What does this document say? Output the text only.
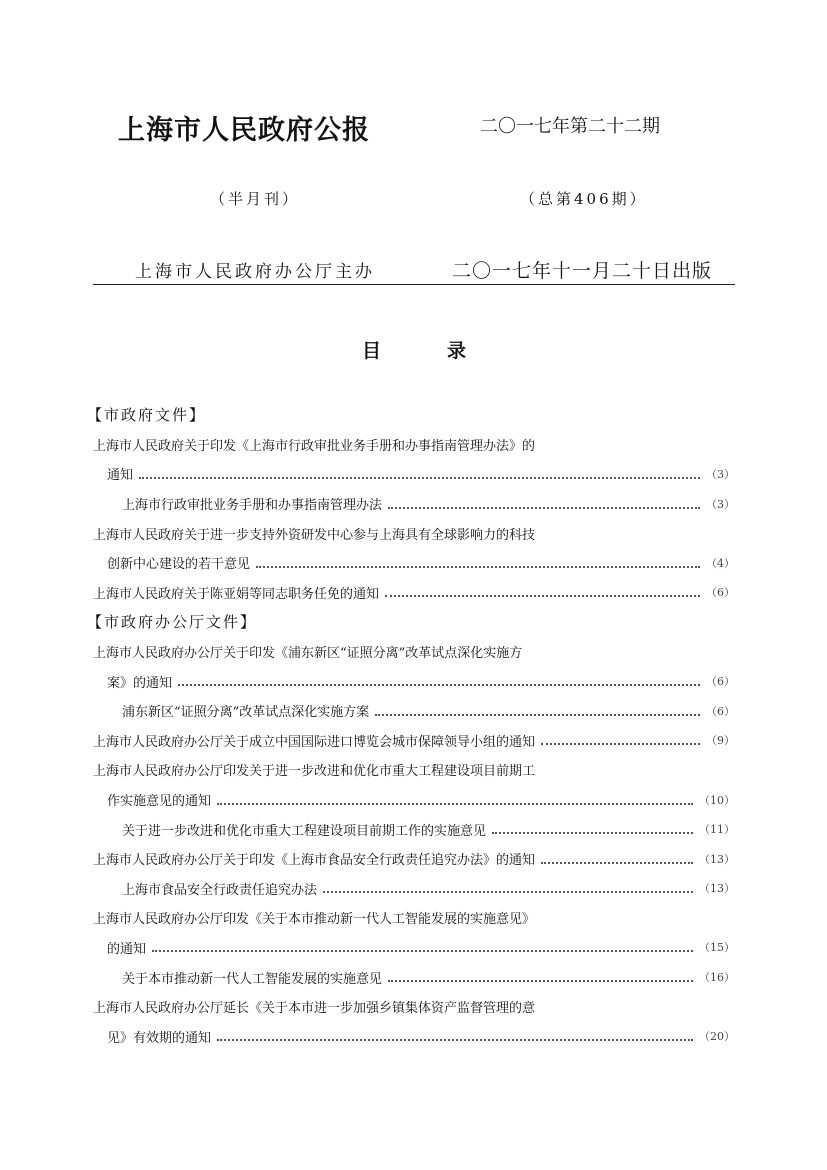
上海市人民政府公报	二〇一七年第二十二期
（半月刊）	（总第406期）
上海市人民政府办公厅主办	二〇一七年十一月二十日出版
目	录
【市政府文件】
上海市人民政府关于印发《上海市行政审批业务手册和办事指南管理办法》的
通知	（3）
上海市行政审批业务手册和办事指南管理办法	（3）
上海市人民政府关于进一步支持外资研发中心参与上海具有全球影响力的科技
创新中心建设的若干意见	（4）
上海市人民政府关于陈亚娟等同志职务任免的通知	（6）
【市政府办公厅文件】
上海市人民政府办公厅关于印发《浦东新区“证照分离”改革试点深化实施方
案》的通知	（6）
浦东新区“证照分离”改革试点深化实施方案	（6）
上海市人民政府办公厅关于成立中国国际进口博览会城市保障领导小组的通知	（9）
上海市人民政府办公厅印发关于进一步改进和优化市重大工程建设项目前期工
作实施意见的通知	（10）
关于进一步改进和优化市重大工程建设项目前期工作的实施意见	（11）
上海市人民政府办公厅关于印发《上海市食品安全行政责任追究办法》的通知	（13）
上海市食品安全行政责任追究办法	（13）
上海市人民政府办公厅印发《关于本市推动新一代人工智能发展的实施意见》
的通知	（15）
关于本市推动新一代人工智能发展的实施意见	（16）
上海市人民政府办公厅延长《关于本市进一步加强乡镇集体资产监督管理的意
见》有效期的通知	（20）
